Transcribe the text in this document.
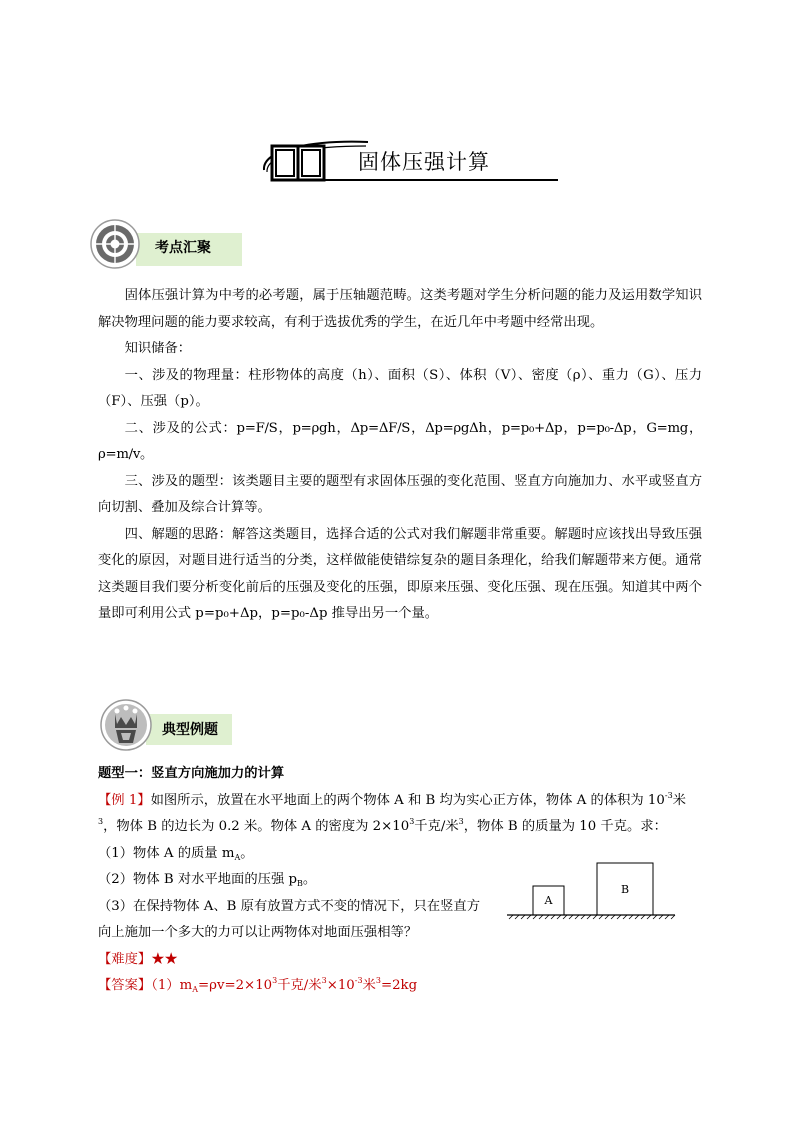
固体压强计算
考点汇聚

固体压强计算为中考的必考题，属于压轴题范畴。这类考题对学生分析问题的能力及运用数学知识解决物理问题的能力要求较高，有利于选拔优秀的学生，在近几年中考题中经常出现。

知识储备：

一、涉及的物理量：柱形物体的高度（h）、面积（S）、体积（V）、密度（ρ）、重力（G）、压力（F）、压强（p）。

二、涉及的公式：p=F/S，p=ρgh，Δp=ΔF/S，Δp=ρgΔh，p=p₀+Δp，p=p₀-Δp，G=mg，ρ=m/v。

三、涉及的题型：该类题目主要的题型有求固体压强的变化范围、竖直方向施加力、水平或竖直方向切割、叠加及综合计算等。

四、解题的思路：解答这类题目，选择合适的公式对我们解题非常重要。解题时应该找出导致压强变化的原因，对题目进行适当的分类，这样做能使错综复杂的题目条理化，给我们解题带来方便。通常这类题目我们要分析变化前后的压强及变化的压强，即原来压强、变化压强、现在压强。知道其中两个量即可利用公式 p=p₀+Δp，p=p₀-Δp 推导出另一个量。

典型例题

题型一：竖直方向施加力的计算

【例 1】如图所示，放置在水平地面上的两个物体 A 和 B 均为实心正方体，物体 A 的体积为 $10^{-3}$米

$^3$，物体 B 的边长为 0.2 米。物体 A 的密度为 $2\times 10^3$千克/米$^3$，物体 B 的质量为 10 千克。求：

（1）物体 A 的质量 $m_A$。

（2）物体 B 对水平地面的压强 $p_B$。

（3）在保持物体 A、B 原有放置方式不变的情况下，只在竖直方

向上施加一个多大的力可以让两物体对地面压强相等？

【难度】★★

【答案】$(1)m_A=\rho v=2\times 10^3$千克/米$^3\times 10^{-3}$米$^3$=2kg

A
B
